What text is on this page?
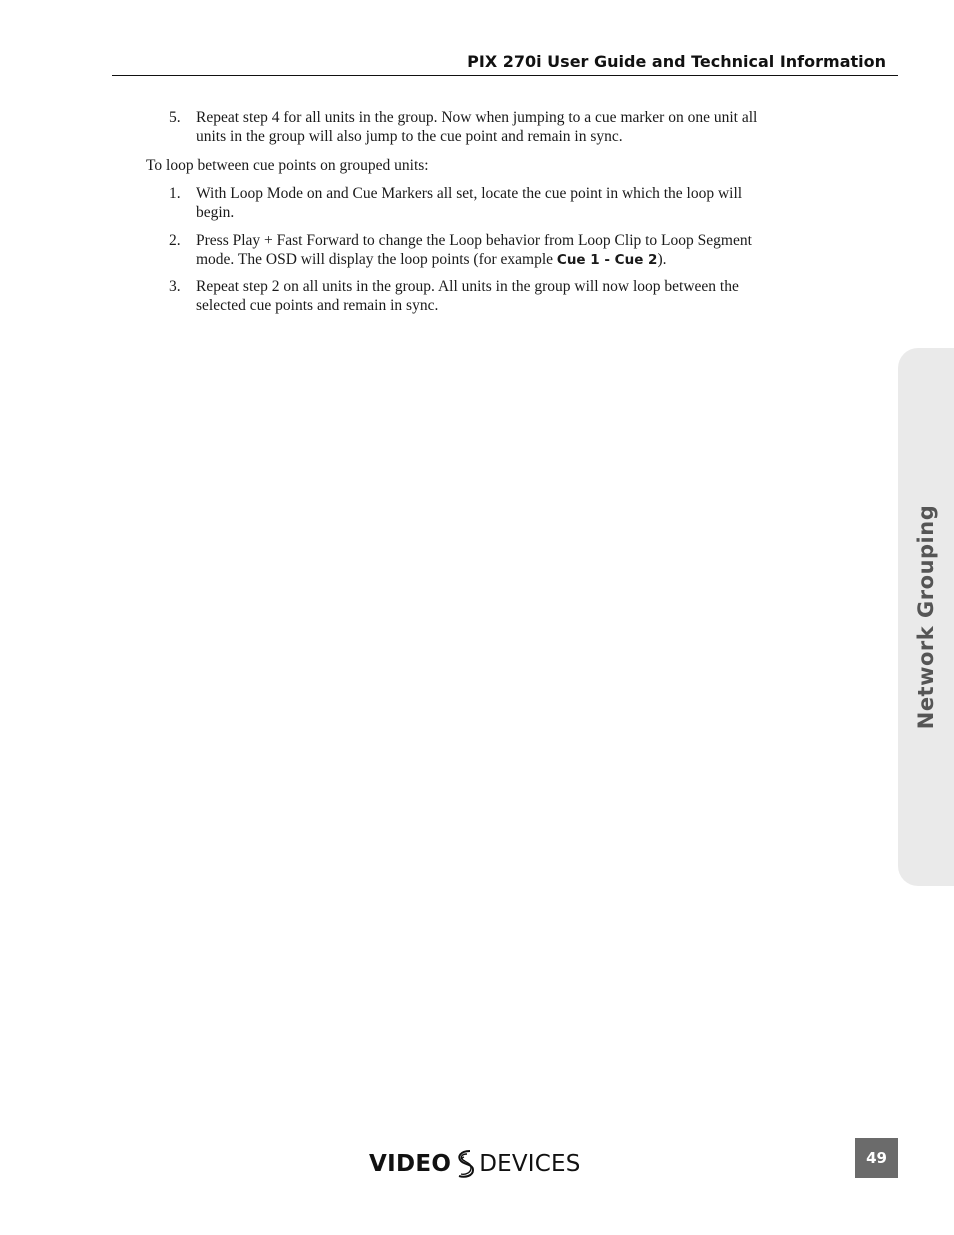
PIX 270i User Guide and Technical Information
5. Repeat step 4 for all units in the group. Now when jumping to a cue marker on one unit all
units in the group will also jump to the cue point and remain in sync.
To loop between cue points on grouped units:
1. With Loop Mode on and Cue Markers all set, locate the cue point in which the loop will
begin.
2. Press Play + Fast Forward to change the Loop behavior from Loop Clip to Loop Segment
mode. The OSD will display the loop points (for example Cue 1 - Cue 2).
3. Repeat step 2 on all units in the group. All units in the group will now loop between the
selected cue points and remain in sync.
Network Grouping
VIDEO DEVICES	49
